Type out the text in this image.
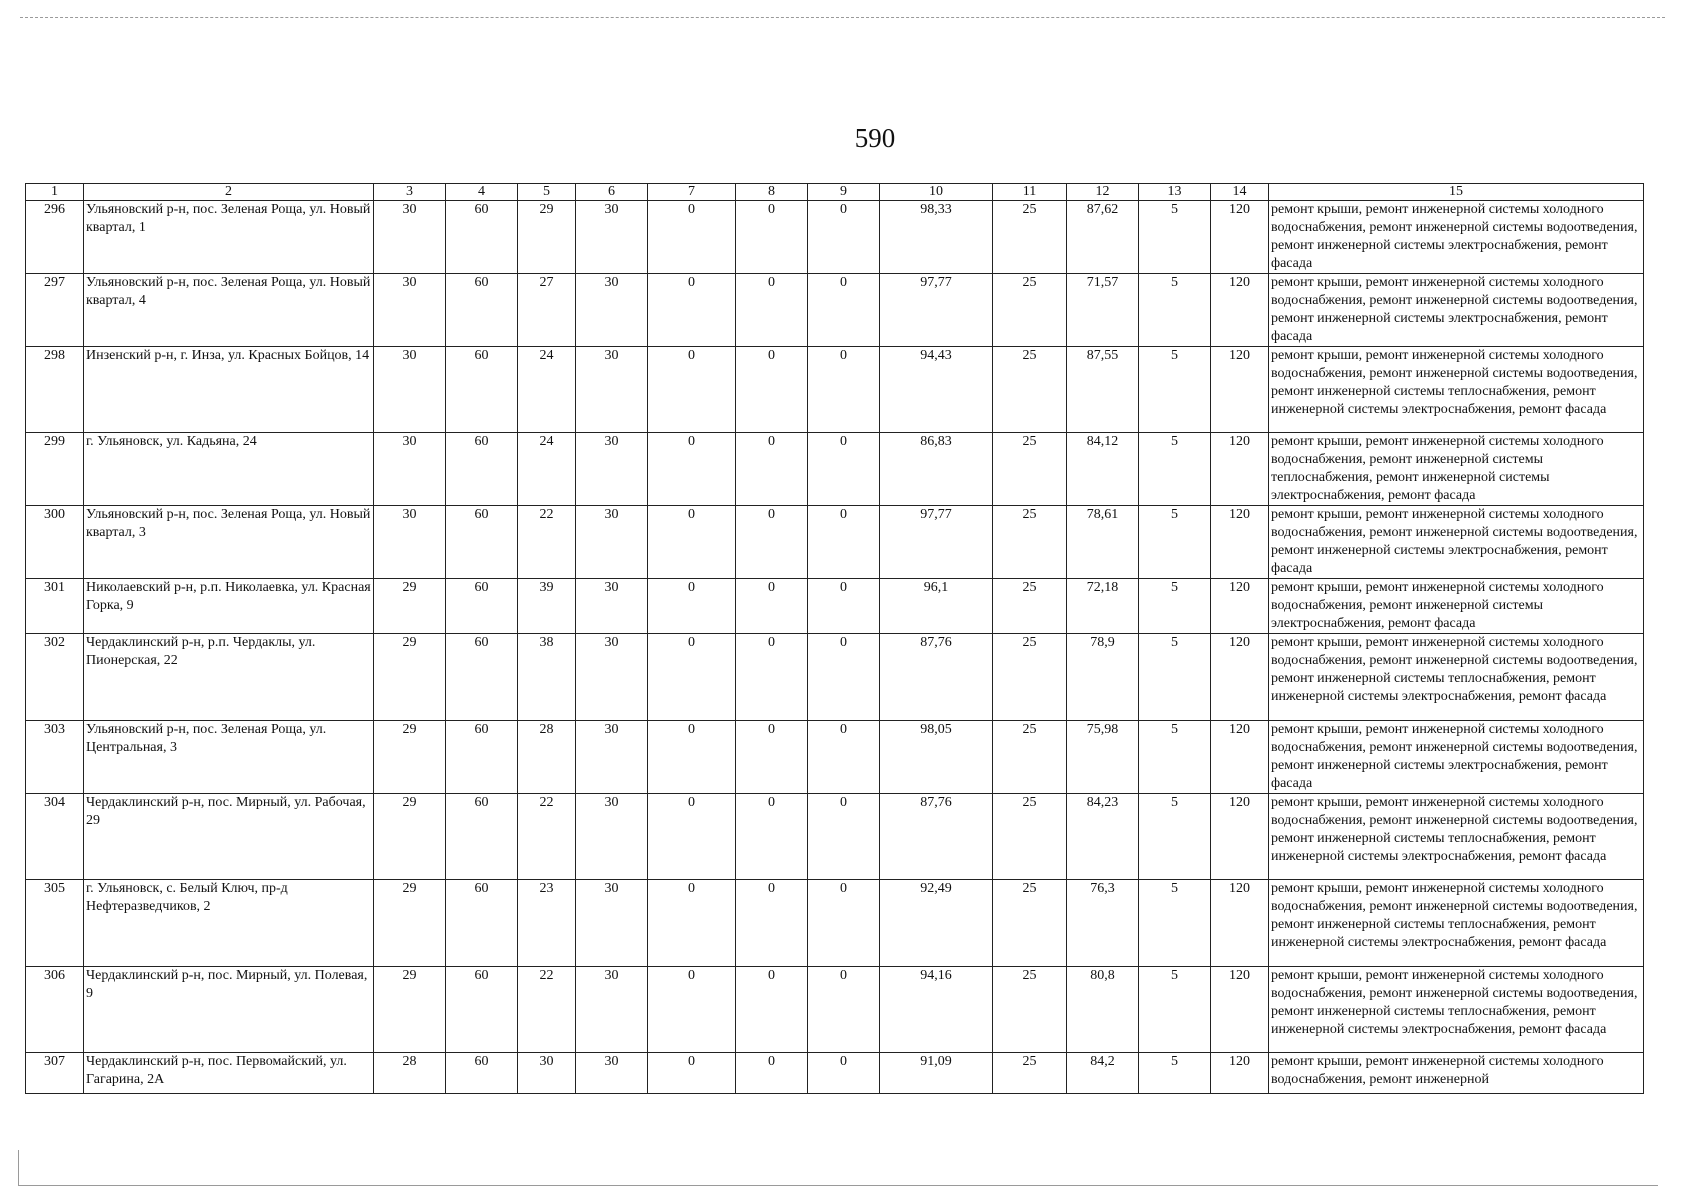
590
1	2	3	4	5	6	7	8	9	10	11	12	13	14	15
296	Ульяновский р-н, пос. Зеленая Роща, ул. Новый квартал, 1	30	60	29	30	0	0	0	98,33	25	87,62	5	120	ремонт крыши, ремонт инженерной системы холодного водоснабжения, ремонт инженерной системы водоотведения, ремонт инженерной системы электроснабжения, ремонт фасада
297	Ульяновский р-н, пос. Зеленая Роща, ул. Новый квартал, 4	30	60	27	30	0	0	0	97,77	25	71,57	5	120	ремонт крыши, ремонт инженерной системы холодного водоснабжения, ремонт инженерной системы водоотведения, ремонт инженерной системы электроснабжения, ремонт фасада
298	Инзенский р-н, г. Инза, ул. Красных Бойцов, 14	30	60	24	30	0	0	0	94,43	25	87,55	5	120	ремонт крыши, ремонт инженерной системы холодного водоснабжения, ремонт инженерной системы водоотведения, ремонт инженерной системы теплоснабжения, ремонт инженерной системы электроснабжения, ремонт фасада
299	г. Ульяновск, ул. Кадьяна, 24	30	60	24	30	0	0	0	86,83	25	84,12	5	120	ремонт крыши, ремонт инженерной системы холодного водоснабжения, ремонт инженерной системы теплоснабжения, ремонт инженерной системы электроснабжения, ремонт фасада
300	Ульяновский р-н, пос. Зеленая Роща, ул. Новый квартал, 3	30	60	22	30	0	0	0	97,77	25	78,61	5	120	ремонт крыши, ремонт инженерной системы холодного водоснабжения, ремонт инженерной системы водоотведения, ремонт инженерной системы электроснабжения, ремонт фасада
301	Николаевский р-н, р.п. Николаевка, ул. Красная Горка, 9	29	60	39	30	0	0	0	96,1	25	72,18	5	120	ремонт крыши, ремонт инженерной системы холодного водоснабжения, ремонт инженерной системы электроснабжения, ремонт фасада
302	Чердаклинский р-н, р.п. Чердаклы, ул. Пионерская, 22	29	60	38	30	0	0	0	87,76	25	78,9	5	120	ремонт крыши, ремонт инженерной системы холодного водоснабжения, ремонт инженерной системы водоотведения, ремонт инженерной системы теплоснабжения, ремонт инженерной системы электроснабжения, ремонт фасада
303	Ульяновский р-н, пос. Зеленая Роща, ул. Центральная, 3	29	60	28	30	0	0	0	98,05	25	75,98	5	120	ремонт крыши, ремонт инженерной системы холодного водоснабжения, ремонт инженерной системы водоотведения, ремонт инженерной системы электроснабжения, ремонт фасада
304	Чердаклинский р-н, пос. Мирный, ул. Рабочая, 29	29	60	22	30	0	0	0	87,76	25	84,23	5	120	ремонт крыши, ремонт инженерной системы холодного водоснабжения, ремонт инженерной системы водоотведения, ремонт инженерной системы теплоснабжения, ремонт инженерной системы электроснабжения, ремонт фасада
305	г. Ульяновск, с. Белый Ключ, пр-д Нефтеразведчиков, 2	29	60	23	30	0	0	0	92,49	25	76,3	5	120	ремонт крыши, ремонт инженерной системы холодного водоснабжения, ремонт инженерной системы водоотведения, ремонт инженерной системы теплоснабжения, ремонт инженерной системы электроснабжения, ремонт фасада
306	Чердаклинский р-н, пос. Мирный, ул. Полевая, 9	29	60	22	30	0	0	0	94,16	25	80,8	5	120	ремонт крыши, ремонт инженерной системы холодного водоснабжения, ремонт инженерной системы водоотведения, ремонт инженерной системы теплоснабжения, ремонт инженерной системы электроснабжения, ремонт фасада
307	Чердаклинский р-н, пос. Первомайский, ул. Гагарина, 2А	28	60	30	30	0	0	0	91,09	25	84,2	5	120	ремонт крыши, ремонт инженерной системы холодного водоснабжения, ремонт инженерной
